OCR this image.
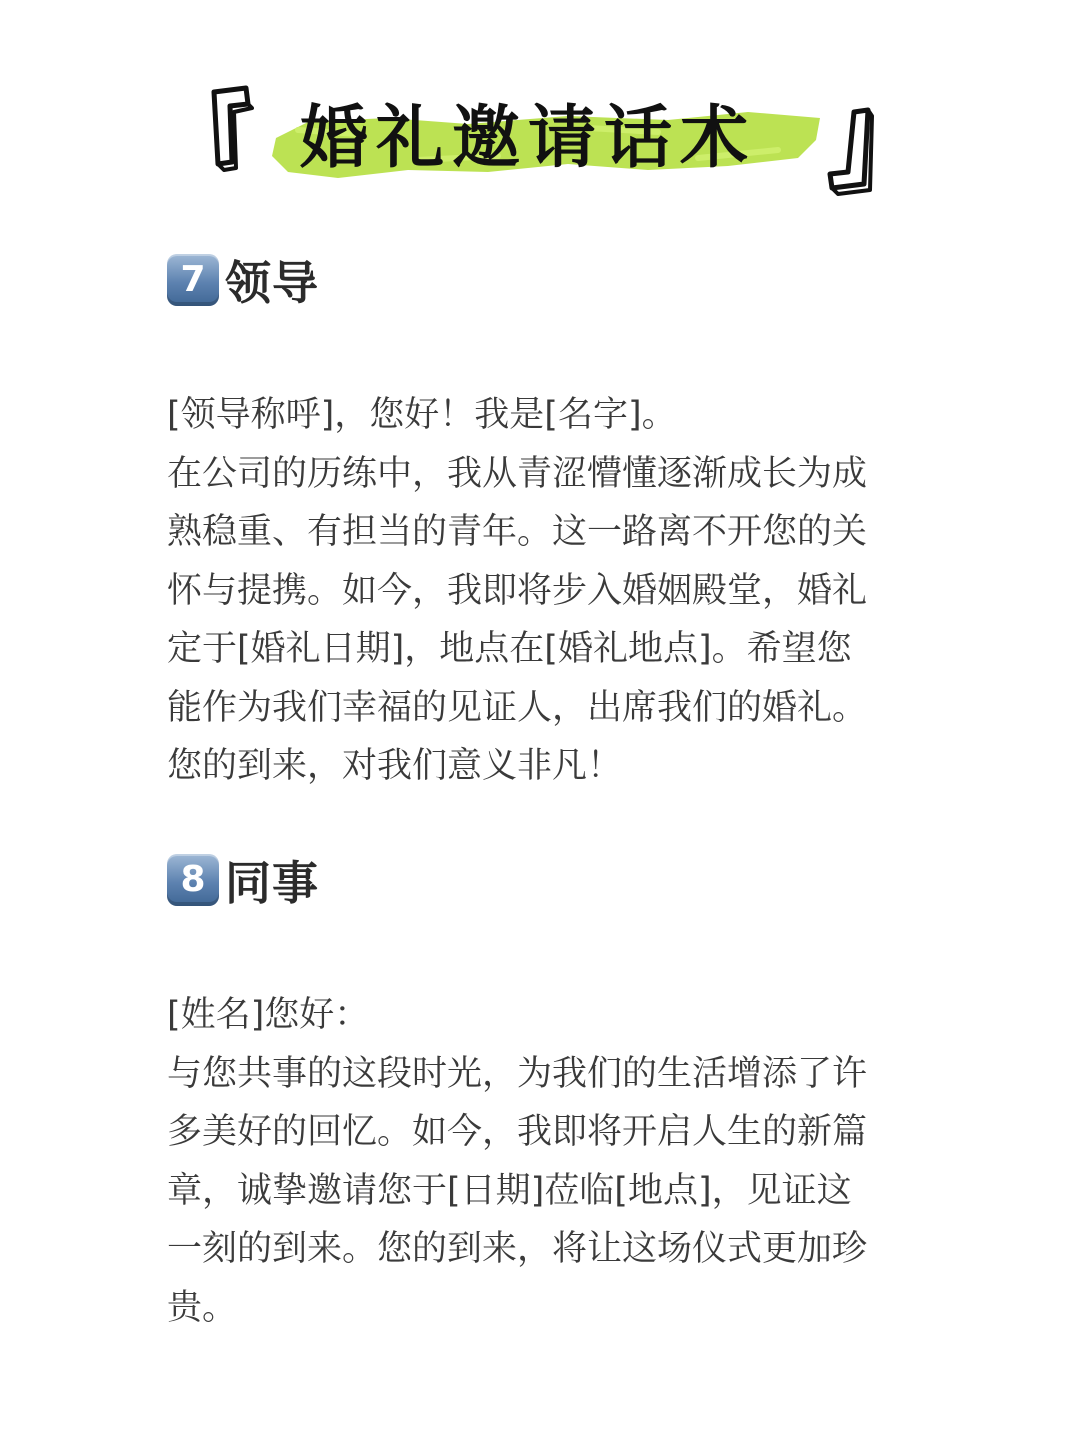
婚礼邀请话术
7 领导
[领导称呼]，您好！我是[名字]。
在公司的历练中，我从青涩懵懂逐渐成长为成
熟稳重、有担当的青年。这一路离不开您的关
怀与提携。如今，我即将步入婚姻殿堂，婚礼
定于[婚礼日期]，地点在[婚礼地点]。希望您
能作为我们幸福的见证人，出席我们的婚礼。
您的到来，对我们意义非凡！
8 同事
[姓名]您好：
与您共事的这段时光，为我们的生活增添了许
多美好的回忆。如今，我即将开启人生的新篇
章，诚挚邀请您于[日期]莅临[地点]，见证这
一刻的到来。您的到来，将让这场仪式更加珍
贵。
